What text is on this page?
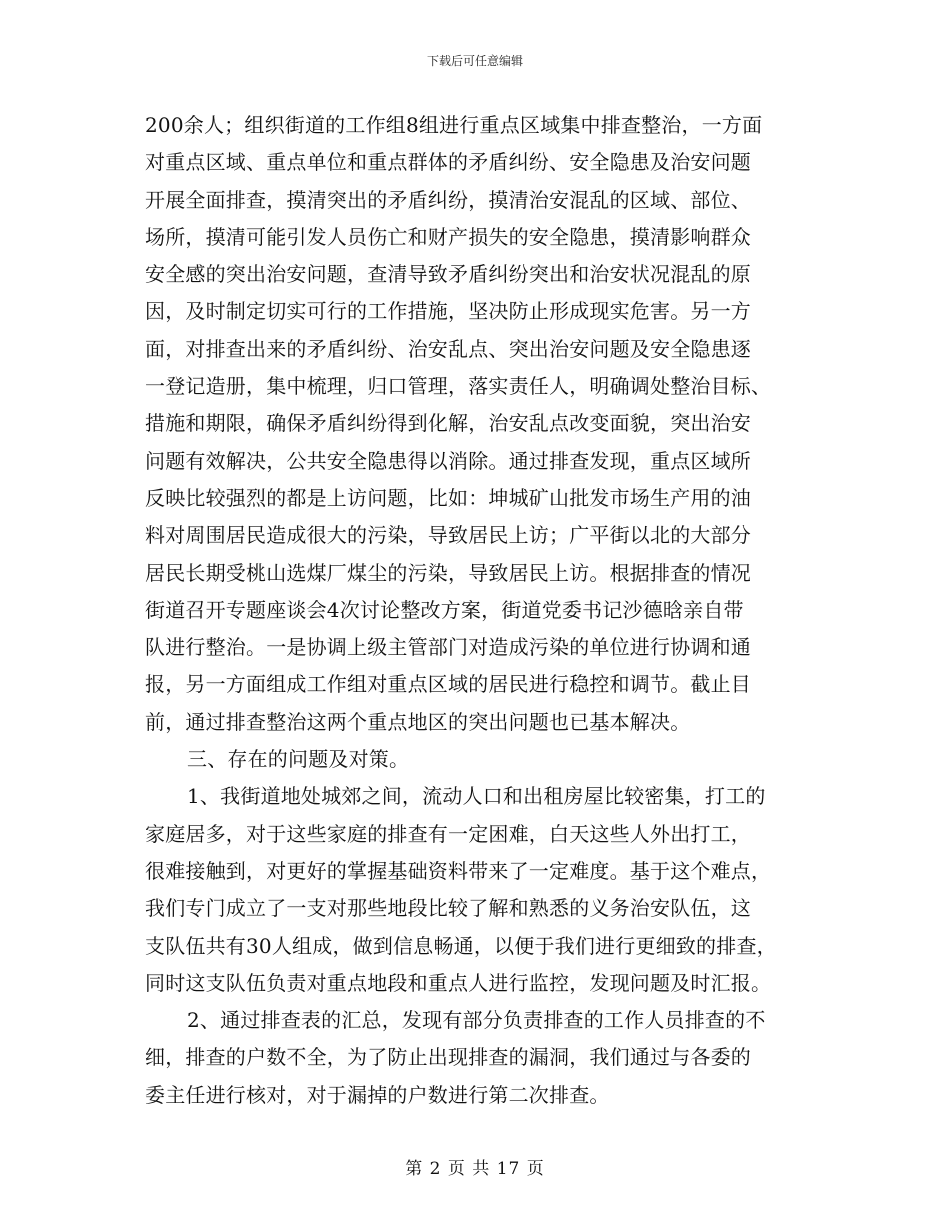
下载后可任意编辑
200余人；组织街道的工作组8组进行重点区域集中排查整治，一方面
对重点区域、重点单位和重点群体的矛盾纠纷、安全隐患及治安问题
开展全面排查，摸清突出的矛盾纠纷，摸清治安混乱的区域、部位、
场所，摸清可能引发人员伤亡和财产损失的安全隐患，摸清影响群众
安全感的突出治安问题，查清导致矛盾纠纷突出和治安状况混乱的原
因，及时制定切实可行的工作措施，坚决防止形成现实危害。另一方
面，对排查出来的矛盾纠纷、治安乱点、突出治安问题及安全隐患逐
一登记造册，集中梳理，归口管理，落实责任人，明确调处整治目标、
措施和期限，确保矛盾纠纷得到化解，治安乱点改变面貌，突出治安
问题有效解决，公共安全隐患得以消除。通过排查发现，重点区域所
反映比较强烈的都是上访问题，比如：坤城矿山批发市场生产用的油
料对周围居民造成很大的污染，导致居民上访；广平街以北的大部分
居民长期受桃山选煤厂煤尘的污染，导致居民上访。根据排查的情况
街道召开专题座谈会4次讨论整改方案，街道党委书记沙德晗亲自带
队进行整治。一是协调上级主管部门对造成污染的单位进行协调和通
报，另一方面组成工作组对重点区域的居民进行稳控和调节。截止目
前，通过排查整治这两个重点地区的突出问题也已基本解决。
三、存在的问题及对策。
1、我街道地处城郊之间，流动人口和出租房屋比较密集，打工的
家庭居多，对于这些家庭的排查有一定困难，白天这些人外出打工，
很难接触到，对更好的掌握基础资料带来了一定难度。基于这个难点，
我们专门成立了一支对那些地段比较了解和熟悉的义务治安队伍，这
支队伍共有30人组成，做到信息畅通，以便于我们进行更细致的排查，
同时这支队伍负责对重点地段和重点人进行监控，发现问题及时汇报。
2、通过排查表的汇总，发现有部分负责排查的工作人员排查的不
细，排查的户数不全，为了防止出现排查的漏洞，我们通过与各委的
委主任进行核对，对于漏掉的户数进行第二次排查。
第 2 页 共 17 页
